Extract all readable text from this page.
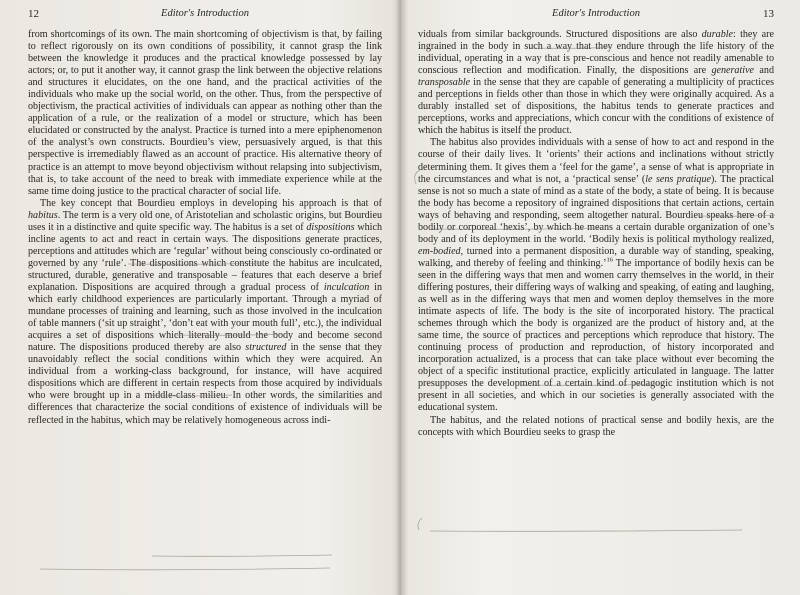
12	Editor's Introduction

from shortcomings of its own. The main shortcoming of objectivism is that, by failing to reflect rigorously on its own conditions of possibility, it cannot grasp the link between the knowledge it produces and the practical knowledge possessed by lay actors; or, to put it another way, it cannot grasp the link between the objective relations and structures it elucidates, on the one hand, and the practical activities of the individuals who make up the social world, on the other. Thus, from the perspective of objectivism, the practical activities of individuals can appear as nothing other than the application of a rule, or the realization of a model or structure, which has been elucidated or constructed by the analyst. Practice is turned into a mere epiphenomenon of the analyst’s own constructs. Bourdieu’s view, persuasively argued, is that this perspective is irremediably flawed as an account of practice. His alternative theory of practice is an attempt to move beyond objectivism without relapsing into subjectivism, that is, to take account of the need to break with immediate experience while at the same time doing justice to the practical character of social life.

The key concept that Bourdieu employs in developing his approach is that of habitus. The term is a very old one, of Aristotelian and scholastic origins, but Bourdieu uses it in a distinctive and quite specific way. The habitus is a set of dispositions which incline agents to act and react in certain ways. The dispositions generate practices, perceptions and attitudes which are ‘regular’ without being consciously co-ordinated or governed by any ‘rule’. The dispositions which constitute the habitus are inculcated, structured, durable, generative and transposable – features that each deserve a brief explanation. Dispositions are acquired through a gradual process of inculcation in which early childhood experiences are particularly important. Through a myriad of mundane processes of training and learning, such as those involved in the inculcation of table manners (‘sit up straight’, ‘don’t eat with your mouth full’, etc.), the individual acquires a set of dispositions which literally mould the body and become second nature. The dispositions produced thereby are also structured in the sense that they unavoidably reflect the social conditions within which they were acquired. An individual from a working-class background, for instance, will have acquired dispositions which are different in certain respects from those acquired by individuals who were brought up in a middle-class milieu. In other words, the similarities and differences that characterize the social conditions of existence of individuals will be reflected in the habitus, which may be relatively homogeneous across indi-

Editor's Introduction	13

viduals from similar backgrounds. Structured dispositions are also durable: they are ingrained in the body in such a way that they endure through the life history of the individual, operating in a way that is pre-conscious and hence not readily amenable to conscious reflection and modification. Finally, the dispositions are generative and transposable in the sense that they are capable of generating a multiplicity of practices and perceptions in fields other than those in which they were originally acquired. As a durably installed set of dispositions, the habitus tends to generate practices and perceptions, works and appreciations, which concur with the conditions of existence of which the habitus is itself the product.

The habitus also provides individuals with a sense of how to act and respond in the course of their daily lives. It ‘orients’ their actions and inclinations without strictly determining them. It gives them a ‘feel for the game’, a sense of what is appropriate in the circumstances and what is not, a ‘practical sense’ (le sens pratique). The practical sense is not so much a state of mind as a state of the body, a state of being. It is because the body has become a repository of ingrained dispositions that certain actions, certain ways of behaving and responding, seem altogether natural. Bourdieu speaks here of a bodily or corporeal ‘hexis’, by which he means a certain durable organization of one’s body and of its deployment in the world. ‘Bodily hexis is political mythology realized, em-bodied, turned into a permanent disposition, a durable way of standing, speaking, walking, and thereby of feeling and thinking.’$^{16}$ The importance of bodily hexis can be seen in the differing ways that men and women carry themselves in the world, in their differing postures, their differing ways of walking and speaking, of eating and laughing, as well as in the differing ways that men and women deploy themselves in the more intimate aspects of life. The body is the site of incorporated history. The practical schemes through which the body is organized are the product of history and, at the same time, the source of practices and perceptions which reproduce that history. The continuing process of production and reproduction, of history incorporated and incorporation actualized, is a process that can take place without ever becoming the object of a specific institutional practice, explicitly articulated in language. The latter presupposes the development of a certain kind of pedagogic institution which is not present in all societies, and which in our societies is generally associated with the educational system.

The habitus, and the related notions of practical sense and bodily hexis, are the concepts with which Bourdieu seeks to grasp the
